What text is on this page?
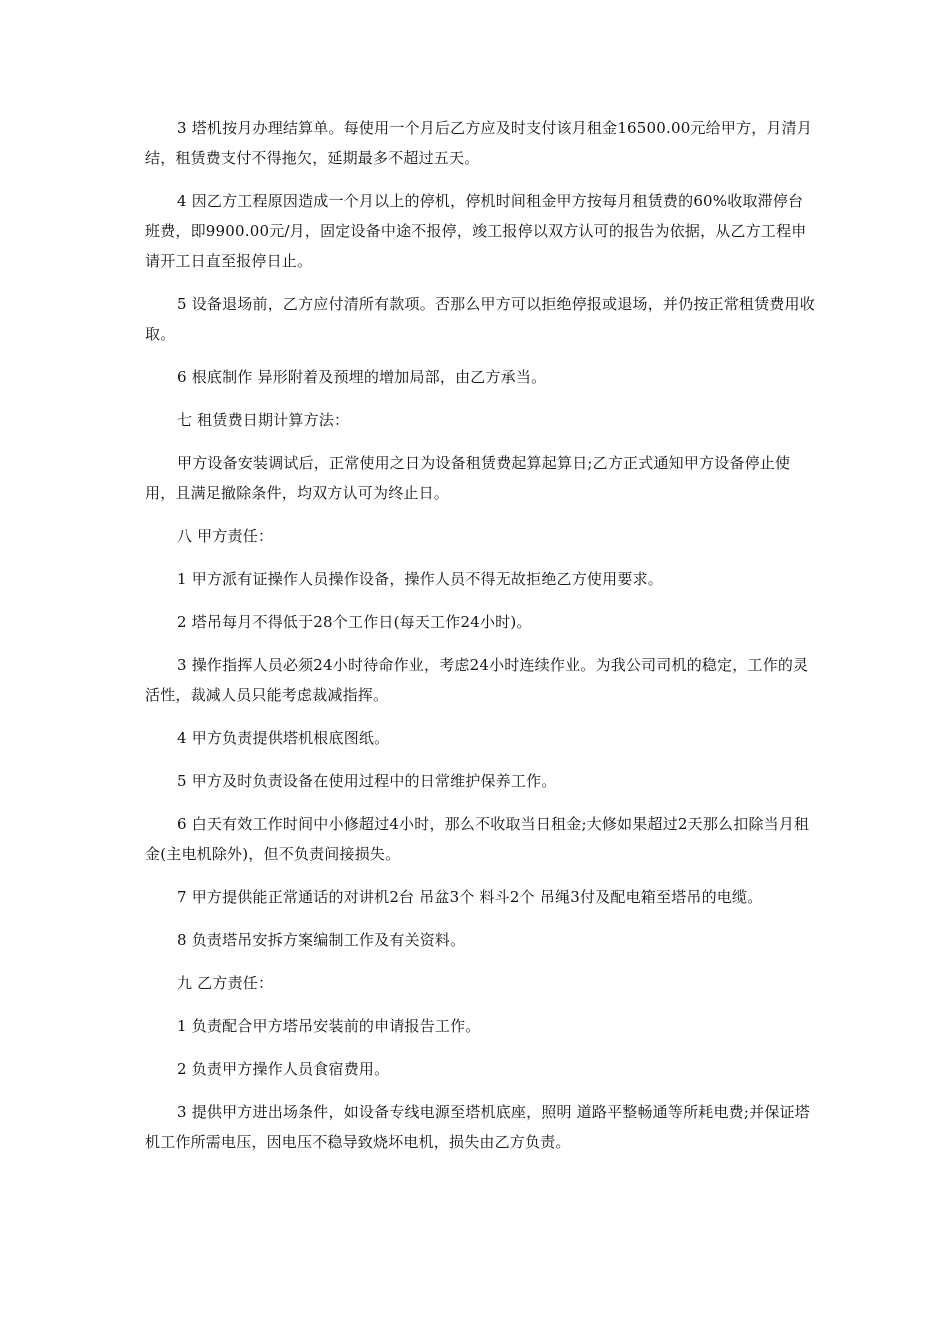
3 塔机按月办理结算单。每使用一个月后乙方应及时支付该月租金16500.00元给甲方，月清月结，租赁费支付不得拖欠，延期最多不超过五天。

4 因乙方工程原因造成一个月以上的停机，停机时间租金甲方按每月租赁费的60%收取滞停台班费，即9900.00元/月，固定设备中途不报停，竣工报停以双方认可的报告为依据，从乙方工程申请开工日直至报停日止。

5 设备退场前，乙方应付清所有款项。否那么甲方可以拒绝停报或退场，并仍按正常租赁费用收取。

6 根底制作 异形附着及预埋的增加局部，由乙方承当。

七 租赁费日期计算方法：

甲方设备安装调试后，正常使用之日为设备租赁费起算起算日;乙方正式通知甲方设备停止使用，且满足撤除条件，均双方认可为终止日。

八 甲方责任：

1 甲方派有证操作人员操作设备，操作人员不得无故拒绝乙方使用要求。

2 塔吊每月不得低于28个工作日(每天工作24小时)。

3 操作指挥人员必须24小时待命作业，考虑24小时连续作业。为我公司司机的稳定，工作的灵活性，裁减人员只能考虑裁减指挥。

4 甲方负责提供塔机根底图纸。

5 甲方及时负责设备在使用过程中的日常维护保养工作。

6 白天有效工作时间中小修超过4小时，那么不收取当日租金;大修如果超过2天那么扣除当月租金(主电机除外)，但不负责间接损失。

7 甲方提供能正常通话的对讲机2台 吊盆3个 料斗2个 吊绳3付及配电箱至塔吊的电缆。

8 负责塔吊安拆方案编制工作及有关资料。

九 乙方责任：

1 负责配合甲方塔吊安装前的申请报告工作。

2 负责甲方操作人员食宿费用。

3 提供甲方进出场条件，如设备专线电源至塔机底座，照明 道路平整畅通等所耗电费;并保证塔机工作所需电压，因电压不稳导致烧坏电机，损失由乙方负责。
